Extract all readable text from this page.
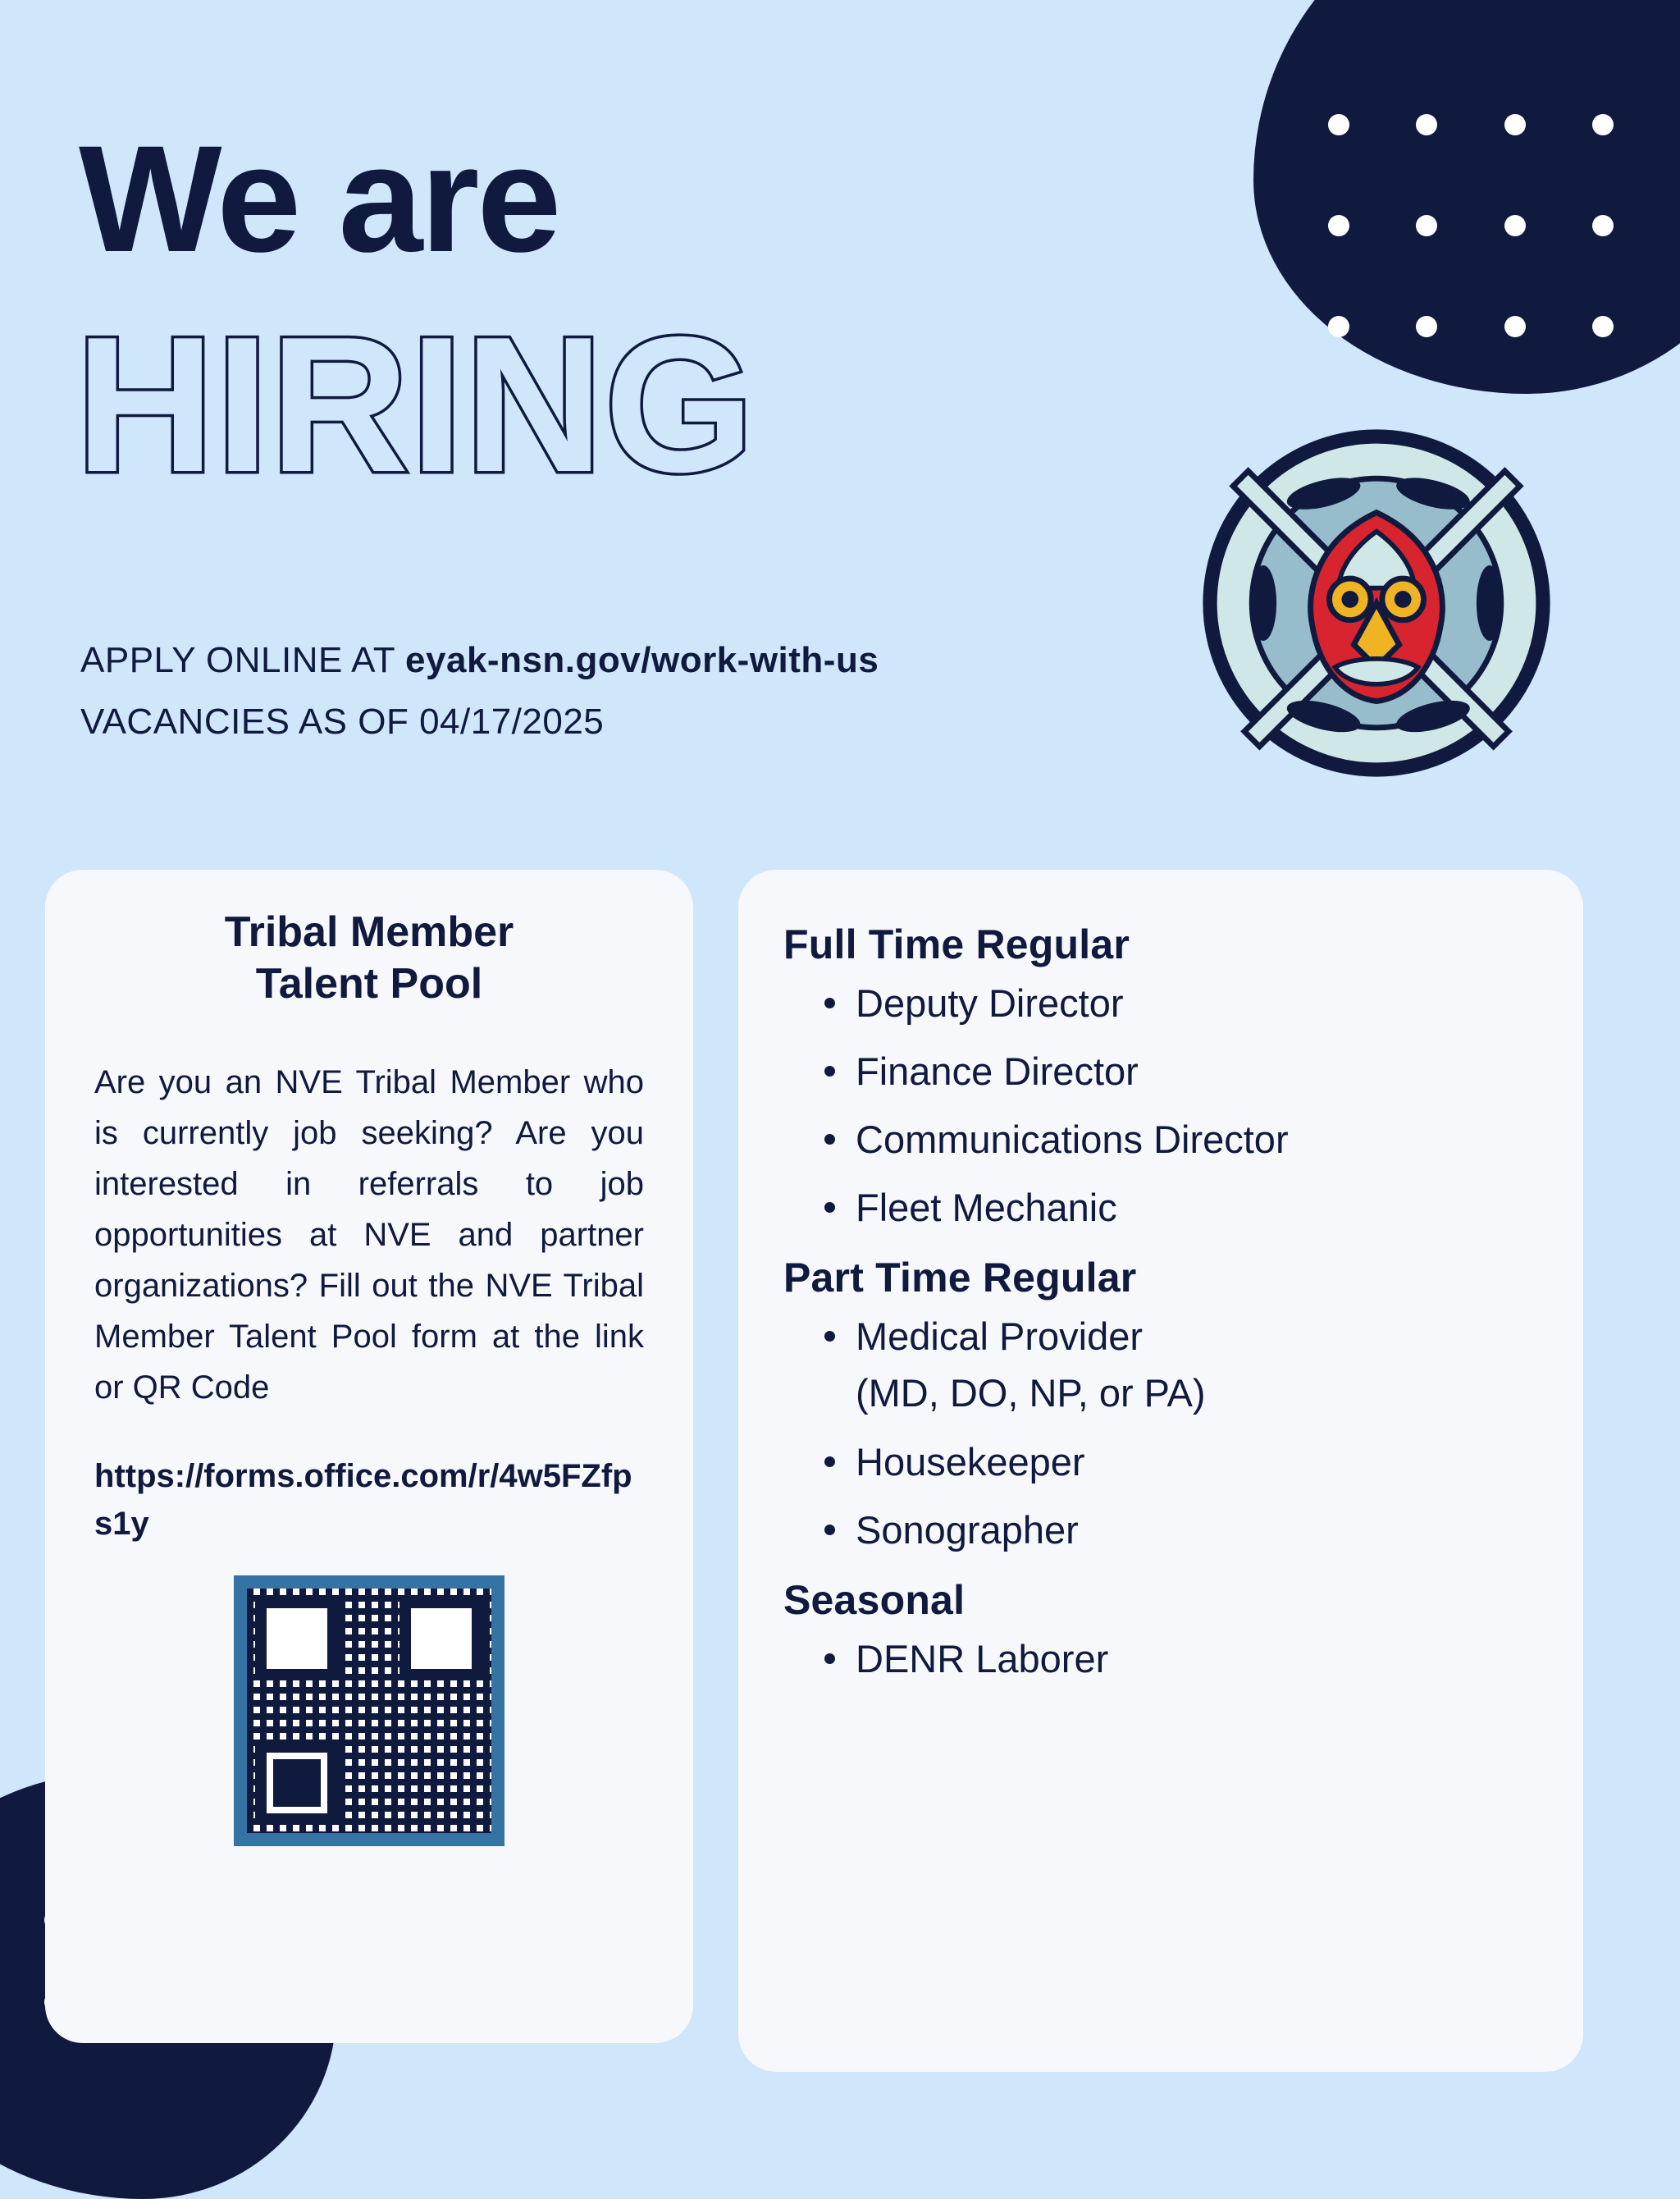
We are
HIRING
APPLY ONLINE AT eyak-nsn.gov/work-with-us
VACANCIES AS OF 04/17/2025
Tribal Member
Talent Pool

Are you an NVE Tribal Member who is currently job seeking? Are you interested in referrals to job opportunities at NVE and partner organizations? Fill out the NVE Tribal Member Talent Pool form at the link or QR Code

https://forms.office.com/r/4w5FZfps1y

Full Time Regular
Deputy Director
Finance Director
Communications Director
Fleet Mechanic
Part Time Regular
Medical Provider
(MD, DO, NP, or PA)
Housekeeper
Sonographer
Seasonal
DENR Laborer
